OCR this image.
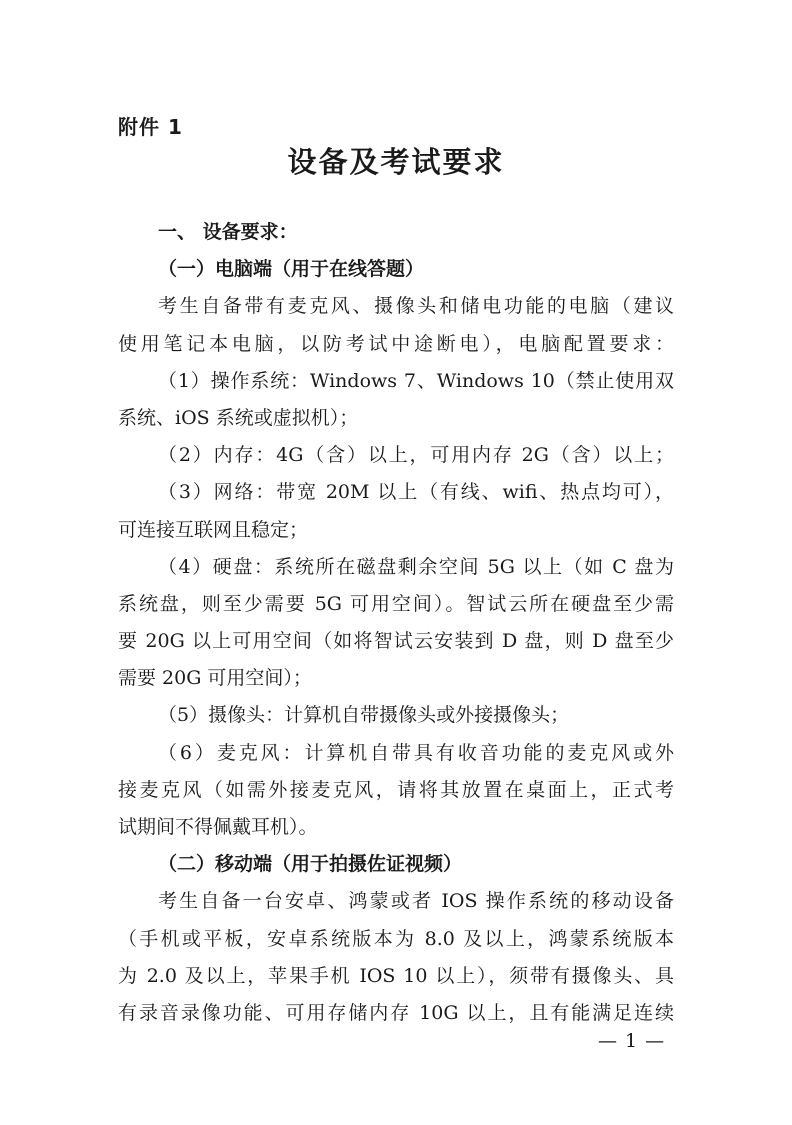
附件 1
设备及考试要求
一、 设备要求：
（一）电脑端（用于在线答题）
考生自备带有麦克风、摄像头和储电功能的电脑（建议
使用笔记本电脑，以防考试中途断电），电脑配置要求：
（1）操作系统：Windows 7、Windows 10（禁止使用双
系统、iOS 系统或虚拟机）；
（2）内存：4G（含）以上，可用内存 2G（含）以上；
（3）网络：带宽 20M 以上（有线、wifi、热点均可），
可连接互联网且稳定；
（4）硬盘：系统所在磁盘剩余空间 5G 以上（如 C 盘为
系统盘，则至少需要 5G 可用空间）。智试云所在硬盘至少需
要 20G 以上可用空间（如将智试云安装到 D 盘，则 D 盘至少
需要 20G 可用空间）；
（5）摄像头：计算机自带摄像头或外接摄像头；
（6）麦克风：计算机自带具有收音功能的麦克风或外
接麦克风（如需外接麦克风，请将其放置在桌面上，正式考
试期间不得佩戴耳机）。
（二）移动端（用于拍摄佐证视频）
考生自备一台安卓、鸿蒙或者 IOS 操作系统的移动设备
（手机或平板，安卓系统版本为 8.0 及以上，鸿蒙系统版本
为 2.0 及以上，苹果手机 IOS 10 以上），须带有摄像头、具
有录音录像功能、可用存储内存 10G 以上，且有能满足连续
— 1 —
